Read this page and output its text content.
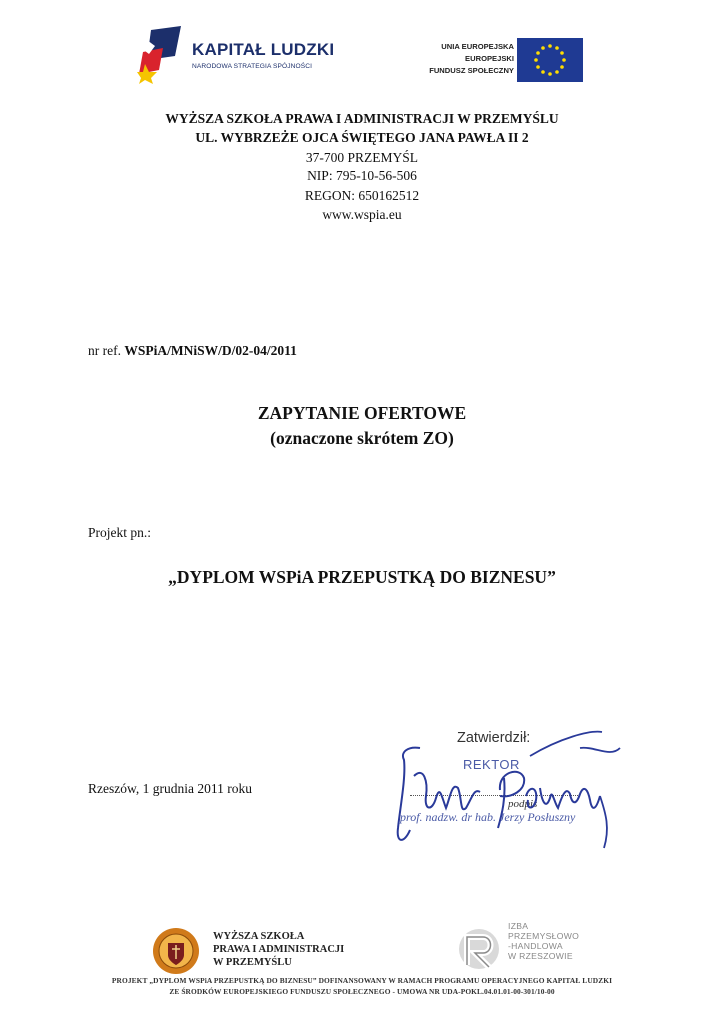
KAPITAŁ LUDZKI
NARODOWA STRATEGIA SPÓJNOŚCI
UNIA EUROPEJSKA
EUROPEJSKI
FUNDUSZ SPOŁECZNY
WYŻSZA SZKOŁA PRAWA I ADMINISTRACJI W PRZEMYŚLU
UL. WYBRZEŻE OJCA ŚWIĘTEGO JANA PAWŁA II 2
37-700 PRZEMYŚL
NIP: 795-10-56-506
REGON: 650162512
www.wspia.eu
nr ref. WSPiA/MNiSW/D/02-04/2011
ZAPYTANIE OFERTOWE
(oznaczone skrótem ZO)
Projekt pn.:
„DYPLOM WSPiA PRZEPUSTKĄ DO BIZNESU”
Rzeszów, 1 grudnia 2011 roku
Zatwierdził:
REKTOR
podpis
prof. nadzw. dr hab. Jerzy Posłuszny
WYŻSZA SZKOŁA
PRAWA I ADMINISTRACJI
W PRZEMYŚLU
IZBA
PRZEMYSŁOWO
-HANDLOWA
W RZESZOWIE
PROJEKT „DYPLOM WSPiA PRZEPUSTKĄ DO BIZNESU” DOFINANSOWANY W RAMACH PROGRAMU OPERACYJNEGO KAPITAŁ LUDZKI
ZE ŚRODKÓW EUROPEJSKIEGO FUNDUSZU SPOŁECZNEGO - UMOWA NR UDA-POKL.04.01.01-00-301/10-00
